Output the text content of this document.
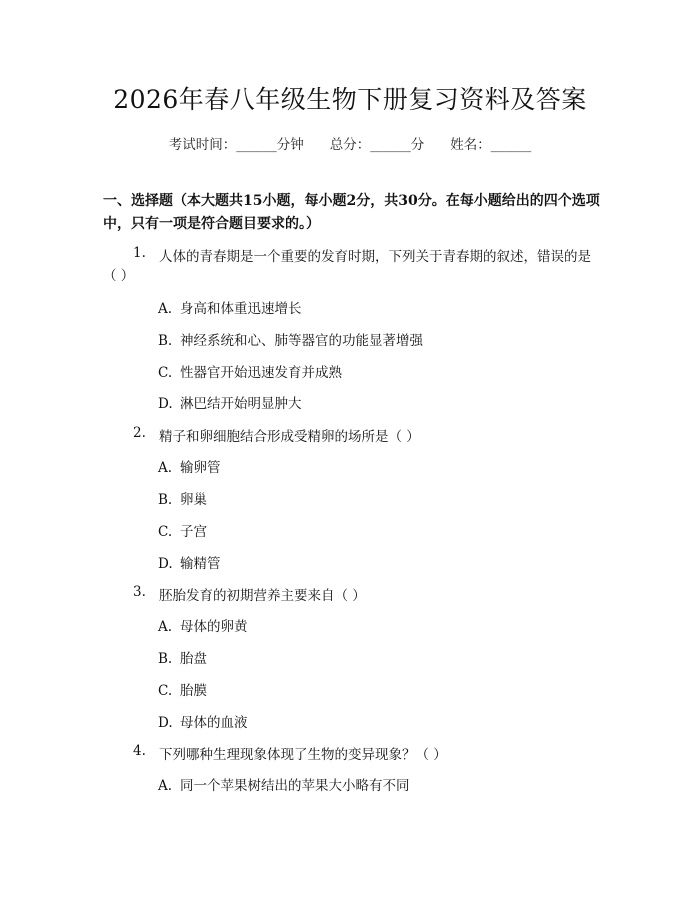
2026年春八年级生物下册复习资料及答案
考试时间：______分钟 总分：______分 姓名：______
一、选择题（本大题共15小题，每小题2分，共30分。在每小题给出的四个选项中，只有一项是符合题目要求的。）
1. 人体的青春期是一个重要的发育时期，下列关于青春期的叙述，错误的是
（ ）
A. 身高和体重迅速增长
B. 神经系统和心、肺等器官的功能显著增强
C. 性器官开始迅速发育并成熟
D. 淋巴结开始明显肿大
2. 精子和卵细胞结合形成受精卵的场所是（ ）
A. 输卵管
B. 卵巢
C. 子宫
D. 输精管
3. 胚胎发育的初期营养主要来自（ ）
A. 母体的卵黄
B. 胎盘
C. 胎膜
D. 母体的血液
4. 下列哪种生理现象体现了生物的变异现象？（ ）
A. 同一个苹果树结出的苹果大小略有不同
